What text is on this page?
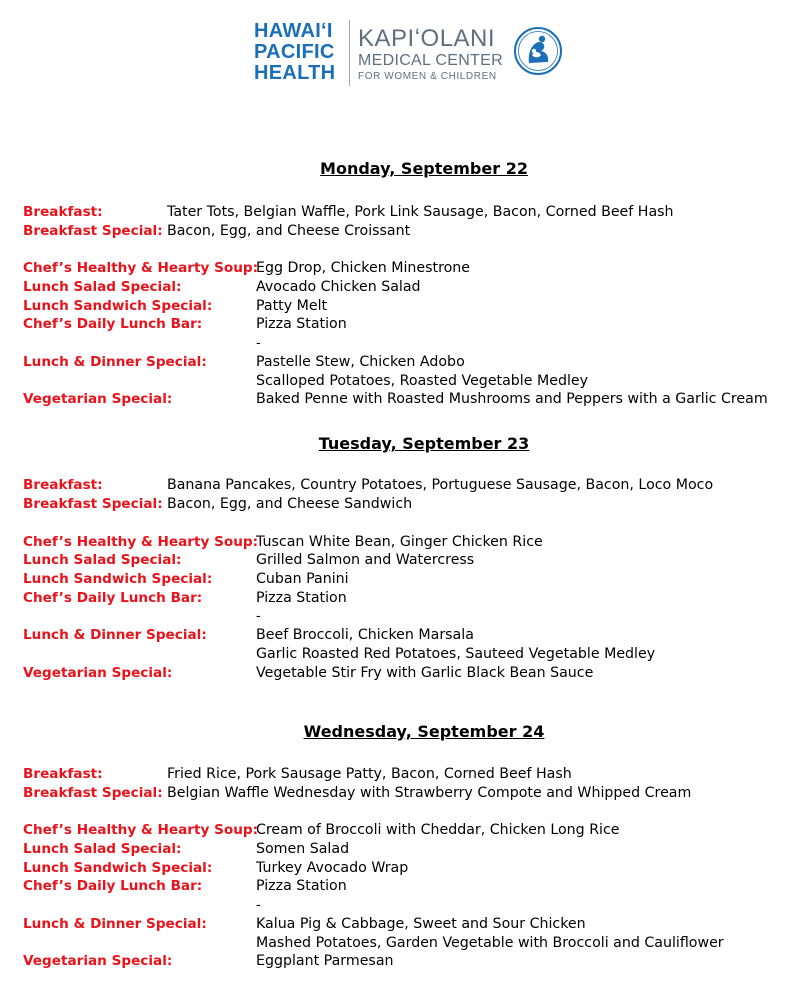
HAWAIʻI
PACIFIC
HEALTH
KAPIʻOLANI
MEDICAL CENTER
FOR WOMEN & CHILDREN
Monday, September 22
Breakfast:	Tater Tots, Belgian Waffle, Pork Link Sausage, Bacon, Corned Beef Hash
Breakfast Special: Bacon, Egg, and Cheese Croissant
Chef’s Healthy & Hearty Soup:
Egg Drop, Chicken Minestrone
Lunch Salad Special:	Avocado Chicken Salad
Lunch Sandwich Special:	Patty Melt
Chef’s Daily Lunch Bar:	Pizza Station
-
Lunch & Dinner Special:	Pastelle Stew, Chicken Adobo
Scalloped Potatoes, Roasted Vegetable Medley
Vegetarian Special:	Baked Penne with Roasted Mushrooms and Peppers with a Garlic Cream
Tuesday, September 23
Breakfast:	Banana Pancakes, Country Potatoes, Portuguese Sausage, Bacon, Loco Moco
Breakfast Special: Bacon, Egg, and Cheese Sandwich
Chef’s Healthy & Hearty Soup:
Tuscan White Bean, Ginger Chicken Rice
Lunch Salad Special:	Grilled Salmon and Watercress
Lunch Sandwich Special:	Cuban Panini
Chef’s Daily Lunch Bar:	Pizza Station
-
Lunch & Dinner Special:	Beef Broccoli, Chicken Marsala
Garlic Roasted Red Potatoes, Sauteed Vegetable Medley
Vegetarian Special:	Vegetable Stir Fry with Garlic Black Bean Sauce
Wednesday, September 24
Breakfast:	Fried Rice, Pork Sausage Patty, Bacon, Corned Beef Hash
Breakfast Special: Belgian Waffle Wednesday with Strawberry Compote and Whipped Cream
Chef’s Healthy & Hearty Soup:
Cream of Broccoli with Cheddar, Chicken Long Rice
Lunch Salad Special:	Somen Salad
Lunch Sandwich Special:	Turkey Avocado Wrap
Chef’s Daily Lunch Bar:	Pizza Station
-
Lunch & Dinner Special:	Kalua Pig & Cabbage, Sweet and Sour Chicken
Mashed Potatoes, Garden Vegetable with Broccoli and Cauliflower
Vegetarian Special:	Eggplant Parmesan
